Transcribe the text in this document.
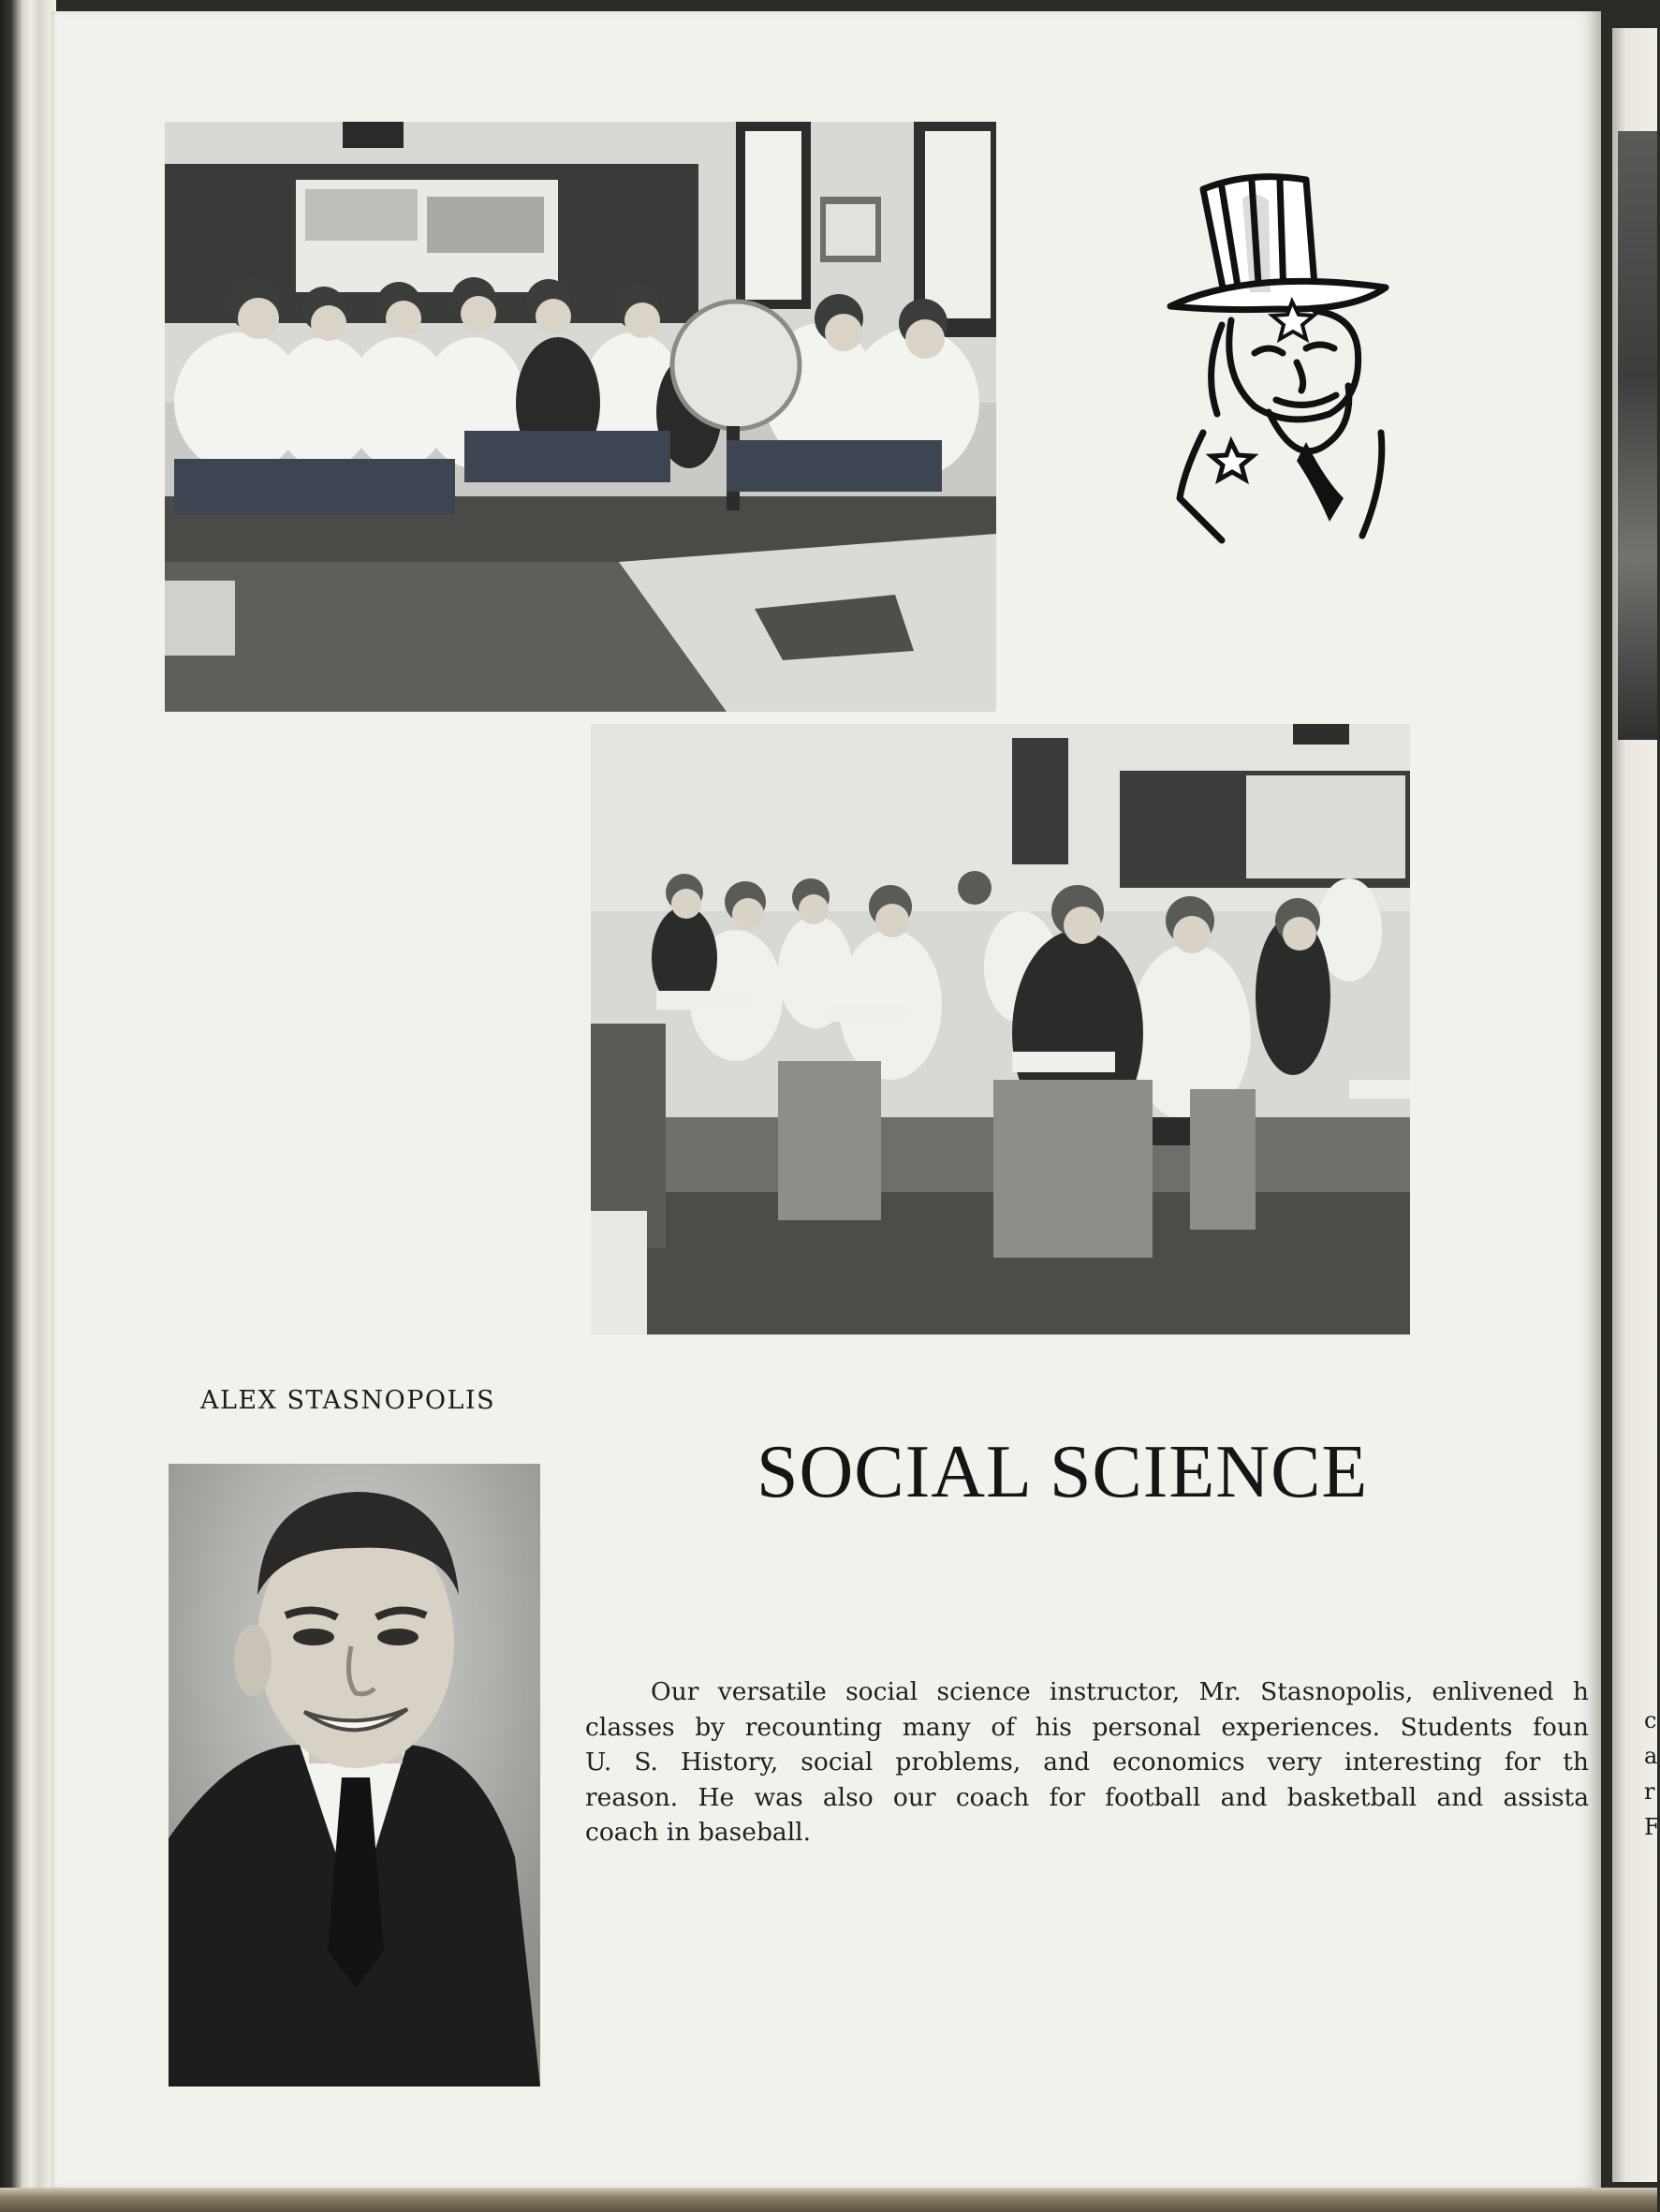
c
a
r
F
ALEX STASNOPOLIS
SOCIAL SCIENCE
Our versatile social science instructor, Mr. Stasnopolis, enlivened h
classes by recounting many of his personal experiences. Students foun
U. S. History, social problems, and economics very interesting for th
reason. He was also our coach for football and basketball and assista
coach in baseball.
